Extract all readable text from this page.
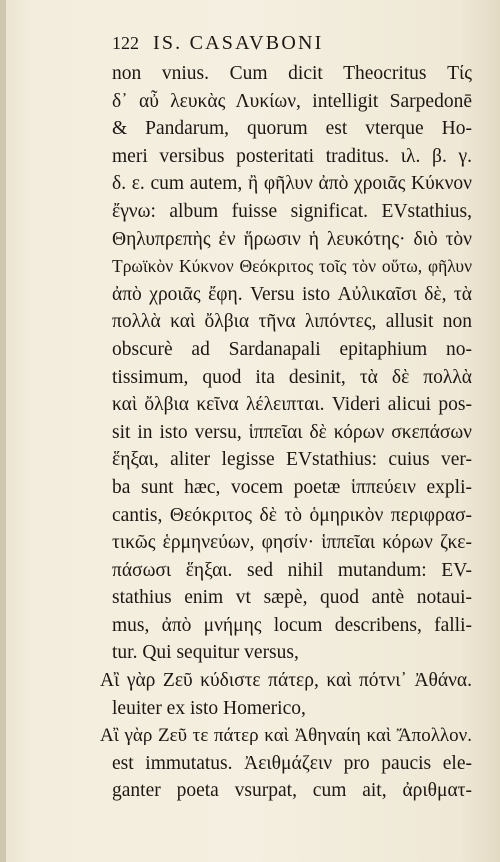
122 IS. CASAVBONI
non vnius. Cum dicit Theocritus Τίς
δ᾽ αὖ λευκὰς Λυκίων, intelligit Sarpedonē
& Pandarum, quorum est vterque Ho-
meri versibus posteritati traditus. ιλ. β. γ.
δ. ε. cum autem, ἢ φῆλυν ἀπὸ χροιᾶς Κύκνον
ἔγνω: album fuisse significat. EVstathius,
Θηλυπρεπὴς ἐν ἥρωσιν ἡ λευκότης· διὸ τὸν
Τρωϊκὸν Κύκνον Θεόκριτος τοῖς τὸν οὕτω, φῆλυν
ἀπὸ χροιᾶς ἔφη. Versu isto Αὐλικαῖσι δὲ, τὰ
πολλὰ καὶ ὄλβια τῆνα λιπόντες, allusit non
obscurè ad Sardanapali epitaphium no-
tissimum, quod ita desinit, τὰ δὲ πολλὰ
καὶ ὄλβια κεῖνα λέλειπται. Videri alicui pos-
sit in isto versu, ἱππεῖαι δὲ κόρων σκεπάσων
ἕηξαι, aliter legisse EVstathius: cuius ver-
ba sunt hæc, vocem poetæ ἱππεύειν expli-
cantis, Θεόκριτος δὲ τὸ ὁμηρικὸν περιφρασ-
τικῶς ἑρμηνεύων, φησίν· ἱππεῖαι κόρων ζκε-
πάσωσι ἕηξαι. sed nihil mutandum: EV-
stathius enim vt sæpè, quod antè notaui-
mus, ἀπὸ μνήμης locum describens, falli-
tur. Qui sequitur versus,
Αἲ γὰρ Ζεῦ κύδιστε πάτερ, καὶ πότνι᾽ Ἀθάνα.
leuiter ex isto Homerico,
Αἲ γὰρ Ζεῦ τε πάτερ καὶ Ἀθηναίη καὶ Ἄπολλον.
est immutatus. Ἀειθμάζειν pro paucis ele-
ganter poeta vsurpat, cum ait, ἀριθματ-
